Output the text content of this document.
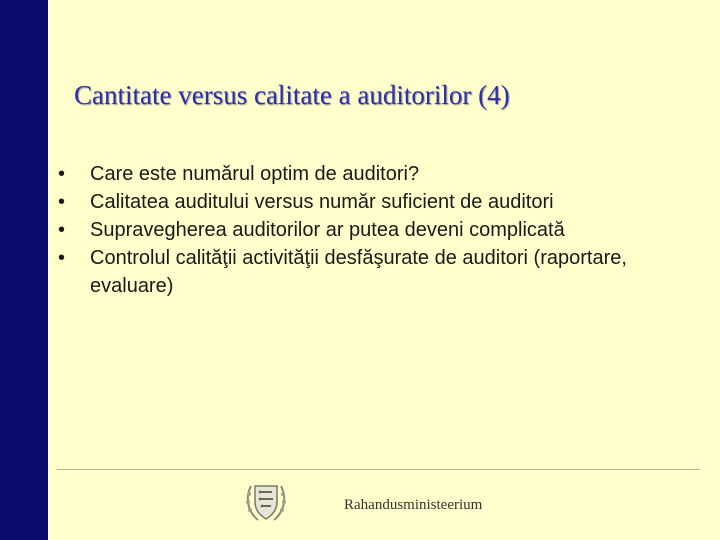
Cantitate versus calitate a auditorilor (4)
• Care este numărul optim de auditori?
• Calitatea auditului versus număr suficient de auditori
• Supravegherea auditorilor ar putea deveni complicată
• Controlul calităţii activităţii desfăşurate de auditori (raportare, evaluare)
Rahandusministeerium
